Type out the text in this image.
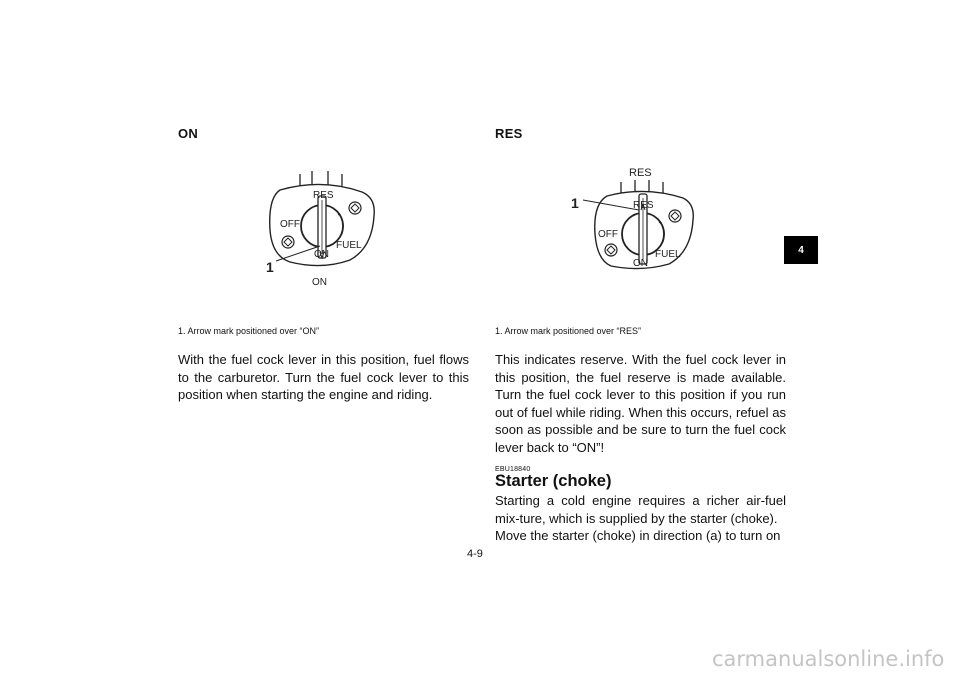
ON
RES
OFF
ON
FUEL
ON
1
1. Arrow mark positioned over “ON”
With the fuel cock lever in this position, fuel flows to the carburetor. Turn the fuel cock lever to this position when starting the engine and riding.
RES
RES
RES
OFF
ON
FUEL
1
1. Arrow mark positioned over “RES”
This indicates reserve. With the fuel cock lever in this position, the fuel reserve is made available. Turn the fuel cock lever to this position if you run out of fuel while riding. When this occurs, refuel as soon as possible and be sure to turn the fuel cock lever back to “ON”!
EBU18840
Starter (choke)
Starting a cold engine requires a richer air-fuel mix-ture, which is supplied by the starter (choke).
Move the starter (choke) in direction (a) to turn on
4
4-9
carmanualsonline.info
